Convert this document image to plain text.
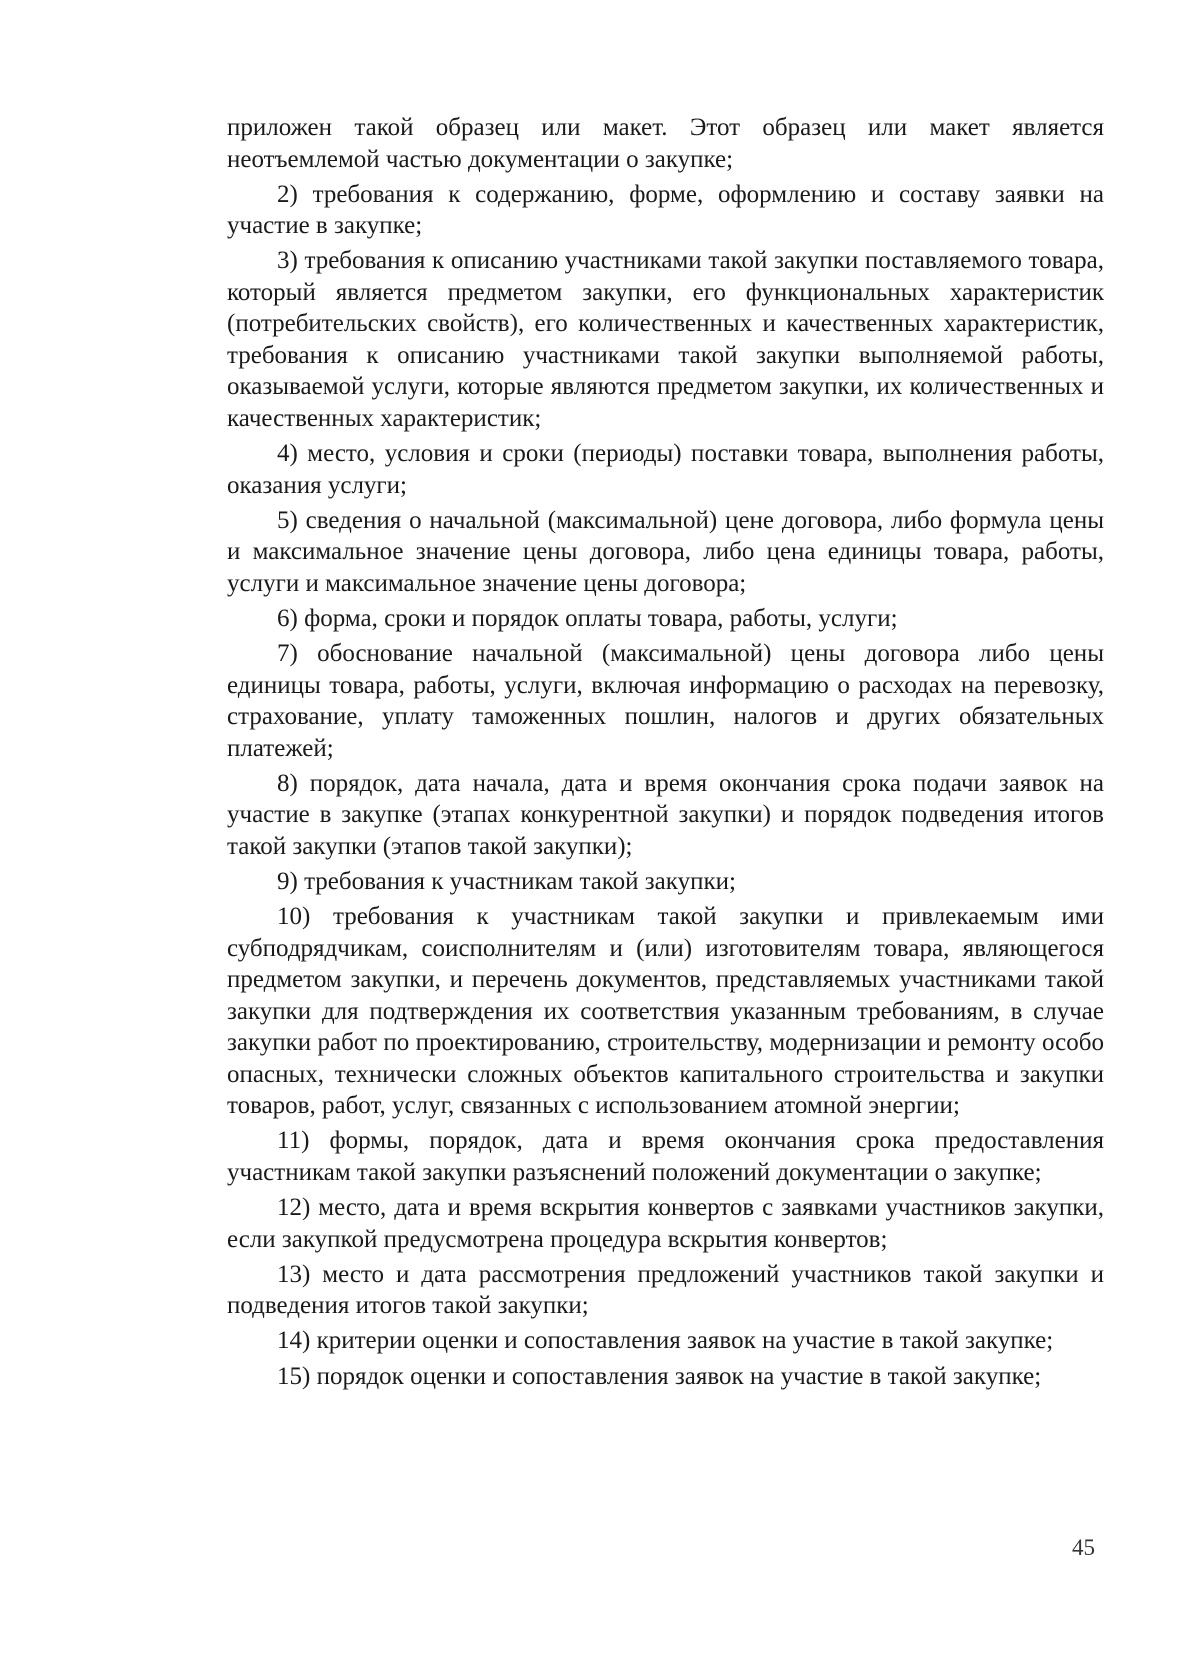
приложен такой образец или макет. Этот образец или макет является неотъемлемой частью документации о закупке;

2) требования к содержанию, форме, оформлению и составу заявки на участие в закупке;

3) требования к описанию участниками такой закупки поставляемого товара, который является предметом закупки, его функциональных характеристик (потребительских свойств), его количественных и качественных характеристик, требования к описанию участниками такой закупки выполняемой работы, оказываемой услуги, которые являются предметом закупки, их количественных и качественных характеристик;

4) место, условия и сроки (периоды) поставки товара, выполнения работы, оказания услуги;

5) сведения о начальной (максимальной) цене договора, либо формула цены и максимальное значение цены договора, либо цена единицы товара, работы, услуги и максимальное значение цены договора;

6) форма, сроки и порядок оплаты товара, работы, услуги;

7) обоснование начальной (максимальной) цены договора либо цены единицы товара, работы, услуги, включая информацию о расходах на перевозку, страхование, уплату таможенных пошлин, налогов и других обязательных платежей;

8) порядок, дата начала, дата и время окончания срока подачи заявок на участие в закупке (этапах конкурентной закупки) и порядок подведения итогов такой закупки (этапов такой закупки);

9) требования к участникам такой закупки;

10) требования к участникам такой закупки и привлекаемым ими субподрядчикам, соисполнителям и (или) изготовителям товара, являющегося предметом закупки, и перечень документов, представляемых участниками такой закупки для подтверждения их соответствия указанным требованиям, в случае закупки работ по проектированию, строительству, модернизации и ремонту особо опасных, технически сложных объектов капитального строительства и закупки товаров, работ, услуг, связанных с использованием атомной энергии;

11) формы, порядок, дата и время окончания срока предоставления участникам такой закупки разъяснений положений документации о закупке;

12) место, дата и время вскрытия конвертов с заявками участников закупки, если закупкой предусмотрена процедура вскрытия конвертов;

13) место и дата рассмотрения предложений участников такой закупки и подведения итогов такой закупки;

14) критерии оценки и сопоставления заявок на участие в такой закупке;

15) порядок оценки и сопоставления заявок на участие в такой закупке;

45
